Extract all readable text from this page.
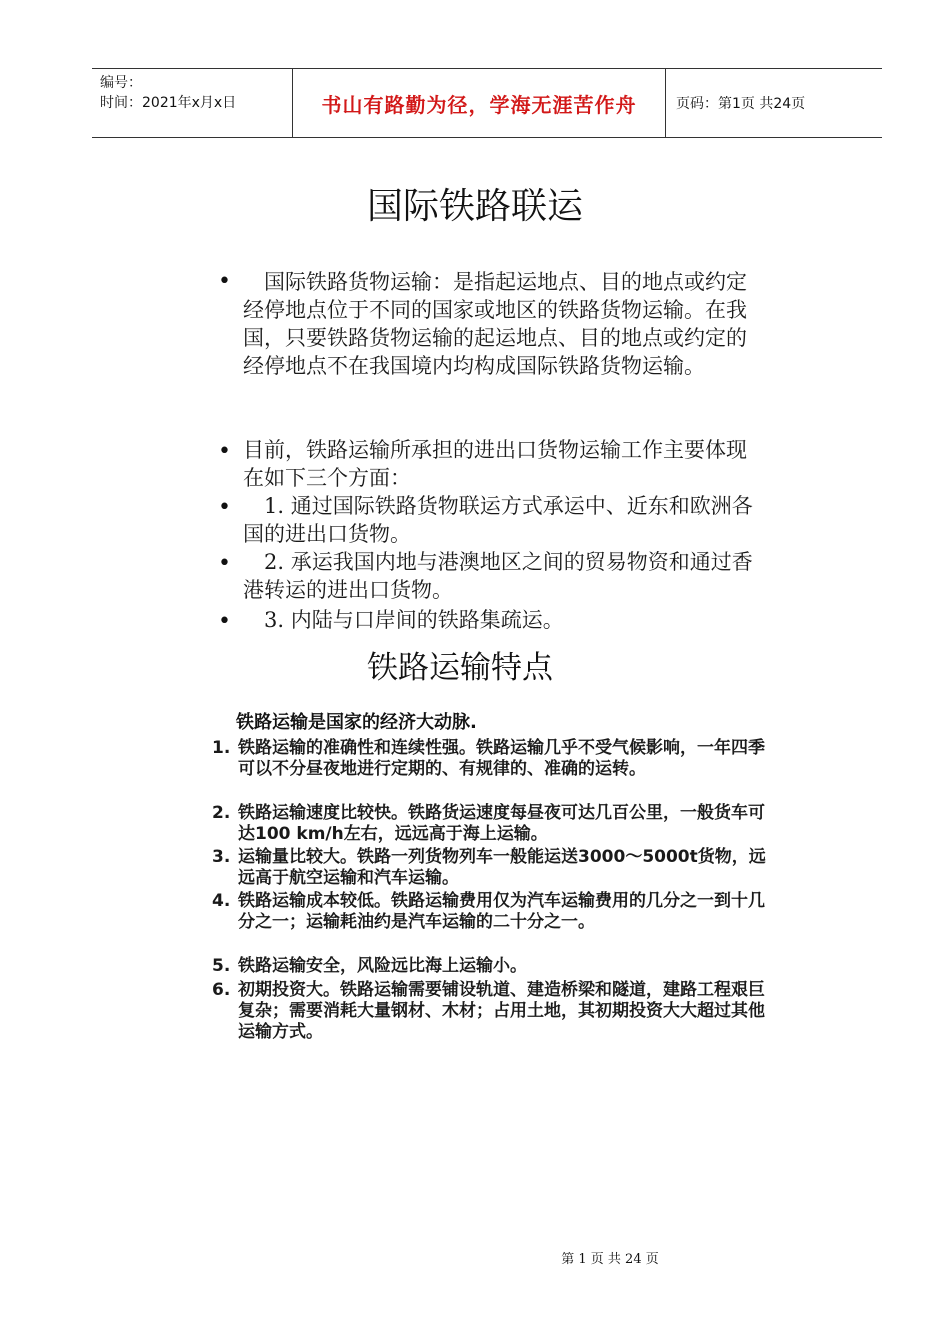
编号：
时间：2021年x月x日	书山有路勤为径，学海无涯苦作舟	页码：第1页 共24页
国际铁路联运
• 　国际铁路货物运输：是指起运地点、目的地点或约定经停地点位于不同的国家或地区的铁路货物运输。在我国，只要铁路货物运输的起运地点、目的地点或约定的经停地点不在我国境内均构成国际铁路货物运输。
• 目前，铁路运输所承担的进出口货物运输工作主要体现在如下三个方面：
• 　1. 通过国际铁路货物联运方式承运中、近东和欧洲各国的进出口货物。
• 　2. 承运我国内地与港澳地区之间的贸易物资和通过香港转运的进出口货物。
• 　3. 内陆与口岸间的铁路集疏运。
铁路运输特点
铁路运输是国家的经济大动脉.
1. 铁路运输的准确性和连续性强。铁路运输几乎不受气候影响，一年四季可以不分昼夜地进行定期的、有规律的、准确的运转。
2. 铁路运输速度比较快。铁路货运速度每昼夜可达几百公里，一般货车可达100 km/h左右，远远高于海上运输。
3. 运输量比较大。铁路一列货物列车一般能运送3000～5000t货物，远远高于航空运输和汽车运输。
4. 铁路运输成本较低。铁路运输费用仅为汽车运输费用的几分之一到十几分之一；运输耗油约是汽车运输的二十分之一。
5. 铁路运输安全，风险远比海上运输小。
6. 初期投资大。铁路运输需要铺设轨道、建造桥梁和隧道，建路工程艰巨复杂；需要消耗大量钢材、木材；占用土地，其初期投资大大超过其他运输方式。
第 1 页 共 24 页
